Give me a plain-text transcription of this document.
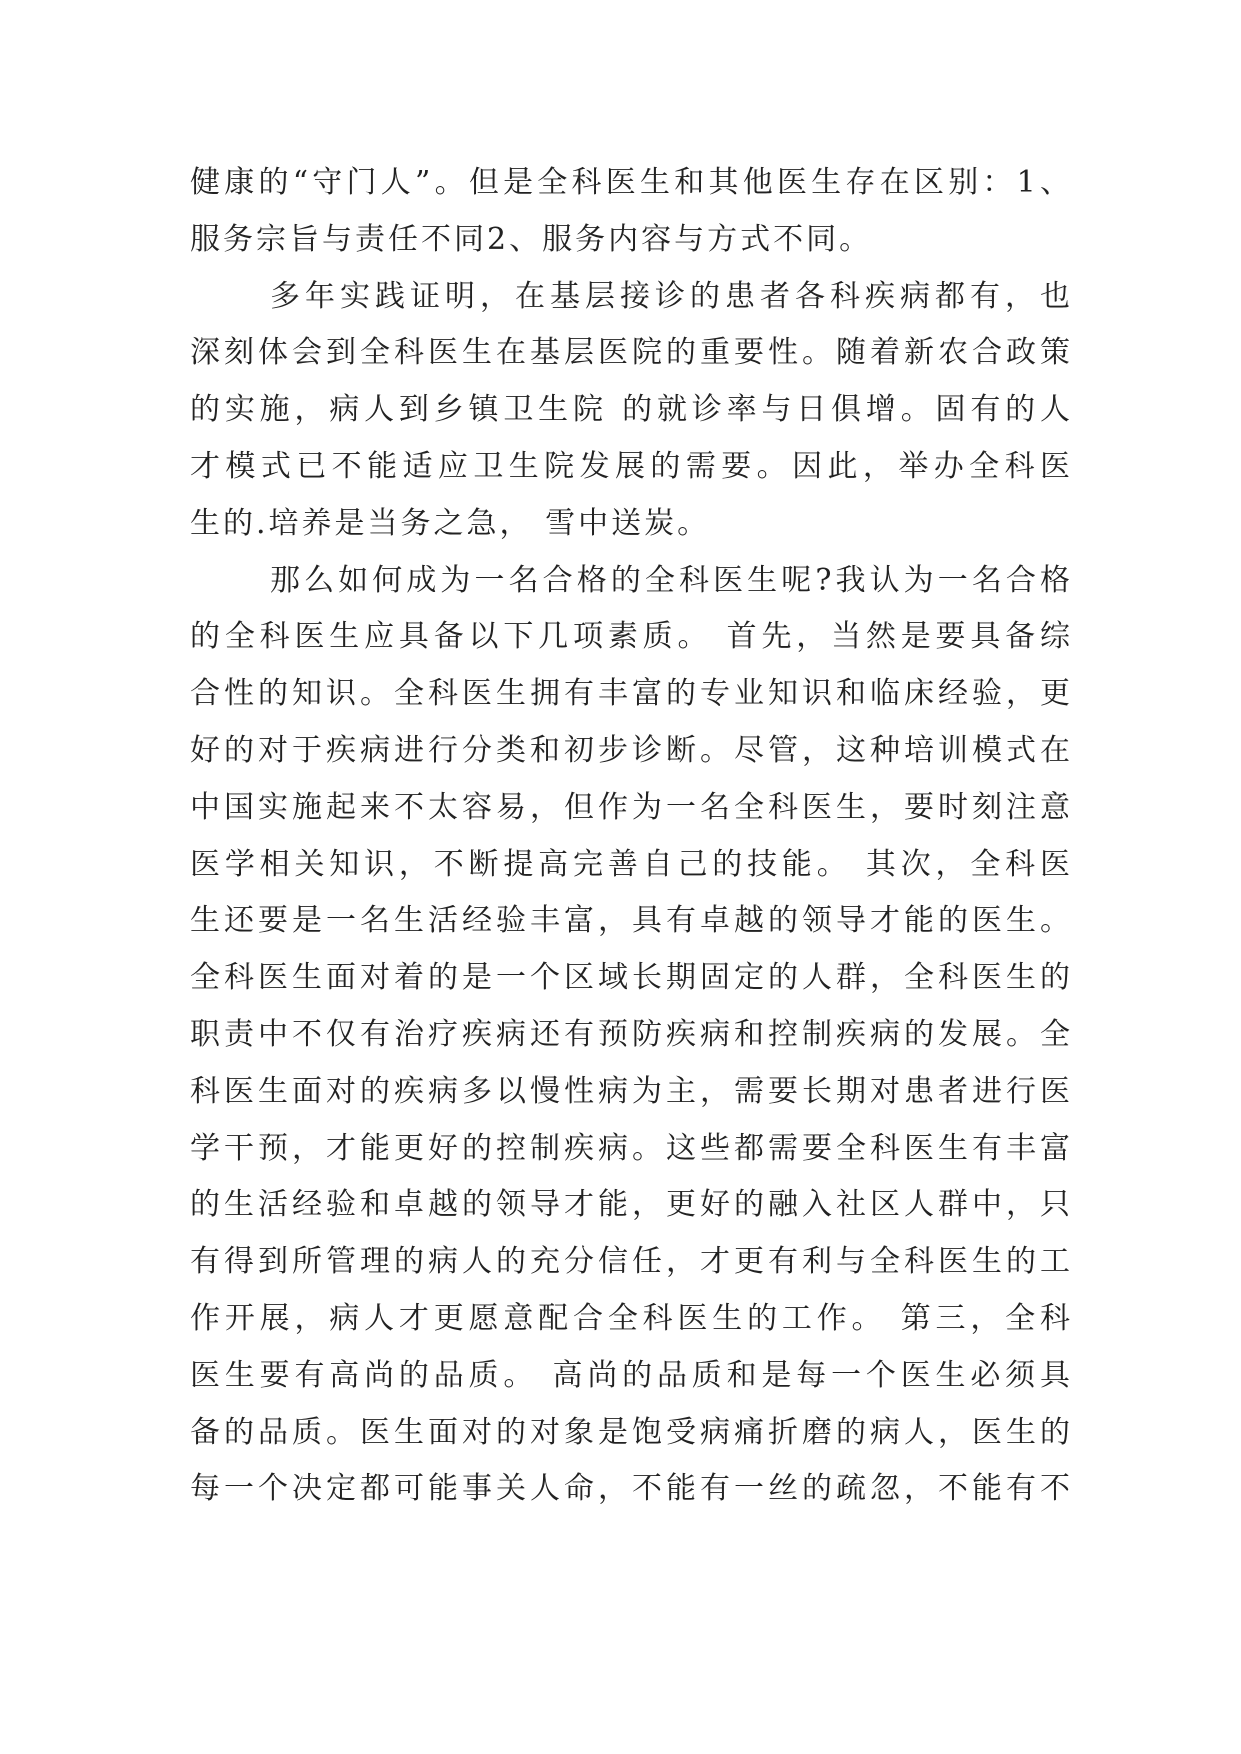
健康的“守门人”。但是全科医生和其他医生存在区别：1、
服务宗旨与责任不同2、服务内容与方式不同。
多年实践证明，在基层接诊的患者各科疾病都有，也
深刻体会到全科医生在基层医院的重要性。随着新农合政策
的实施，病人到乡镇卫生院 的就诊率与日俱增。固有的人
才模式已不能适应卫生院发展的需要。因此，举办全科医
生的.培养是当务之急， 雪中送炭。
那么如何成为一名合格的全科医生呢?我认为一名合格
的全科医生应具备以下几项素质。 首先，当然是要具备综
合性的知识。全科医生拥有丰富的专业知识和临床经验，更
好的对于疾病进行分类和初步诊断。尽管，这种培训模式在
中国实施起来不太容易，但作为一名全科医生，要时刻注意
医学相关知识，不断提高完善自己的技能。 其次，全科医
生还要是一名生活经验丰富，具有卓越的领导才能的医生。
全科医生面对着的是一个区域长期固定的人群，全科医生的
职责中不仅有治疗疾病还有预防疾病和控制疾病的发展。全
科医生面对的疾病多以慢性病为主，需要长期对患者进行医
学干预，才能更好的控制疾病。这些都需要全科医生有丰富
的生活经验和卓越的领导才能，更好的融入社区人群中，只
有得到所管理的病人的充分信任，才更有利与全科医生的工
作开展，病人才更愿意配合全科医生的工作。 第三，全科
医生要有高尚的品质。 高尚的品质和是每一个医生必须具
备的品质。医生面对的对象是饱受病痛折磨的病人，医生的
每一个决定都可能事关人命，不能有一丝的疏忽，不能有不
